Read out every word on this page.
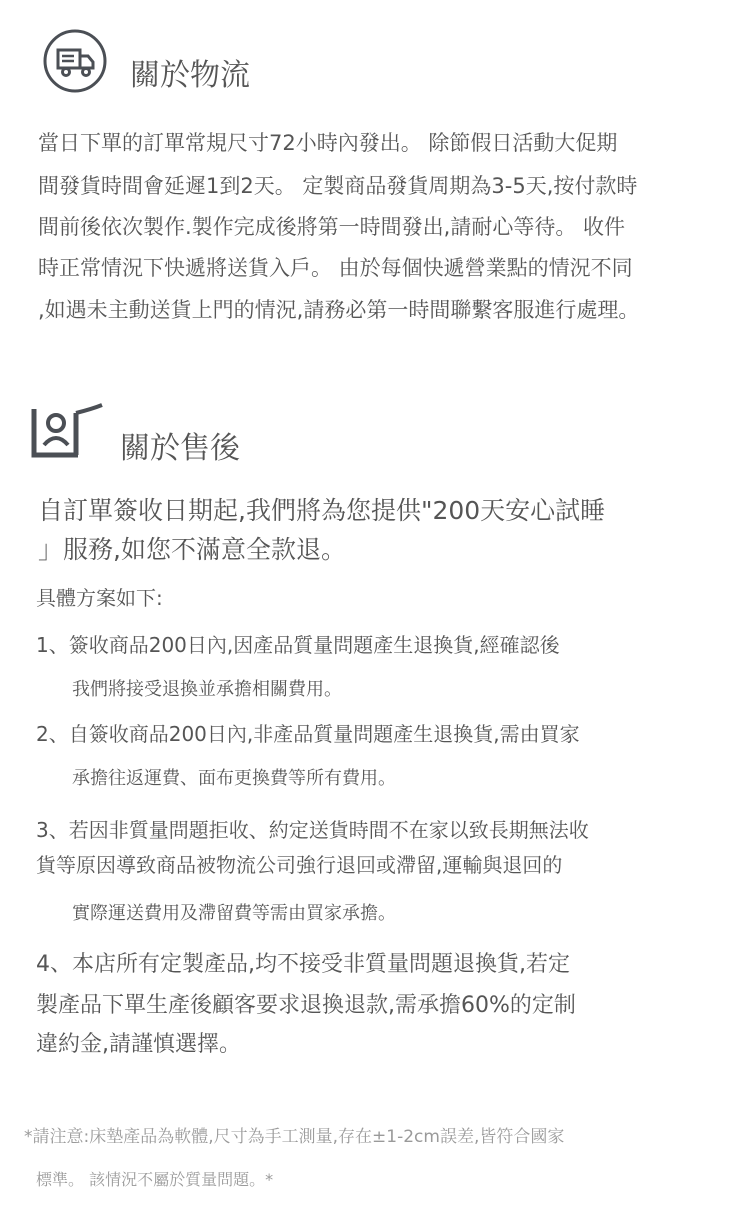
關於物流
當日下單的訂單常規尺寸72小時內發出。 除節假日活動大促期
間發貨時間會延遲1到2天。 定製商品發貨周期為3-5天,按付款時
間前後依次製作.製作完成後將第一時間發出,請耐心等待。 收件
時正常情況下快遞將送貨入戶。 由於每個快遞營業點的情況不同
,如遇未主動送貨上門的情況,請務必第一時間聯繫客服進行處理。
關於售後
自訂單簽收日期起,我們將為您提供"200天安心試睡
」服務,如您不滿意全款退。
具體方案如下:
1、簽收商品200日內,因產品質量問題產生退換貨,經確認後
我們將接受退換並承擔相關費用。
2、自簽收商品200日內,非產品質量問題產生退換貨,需由買家
承擔往返運費、面布更換費等所有費用。
3、若因非質量問題拒收、約定送貨時間不在家以致長期無法收
貨等原因導致商品被物流公司強行退回或滯留,運輸與退回的
實際運送費用及滯留費等需由買家承擔。
4、本店所有定製產品,均不接受非質量問題退換貨,若定
製產品下單生產後顧客要求退換退款,需承擔60%的定制
違約金,請謹慎選擇。
*請注意:床墊產品為軟體,尺寸為手工測量,存在±1-2cm誤差,皆符合國家
標準。 該情況不屬於質量問題。*
